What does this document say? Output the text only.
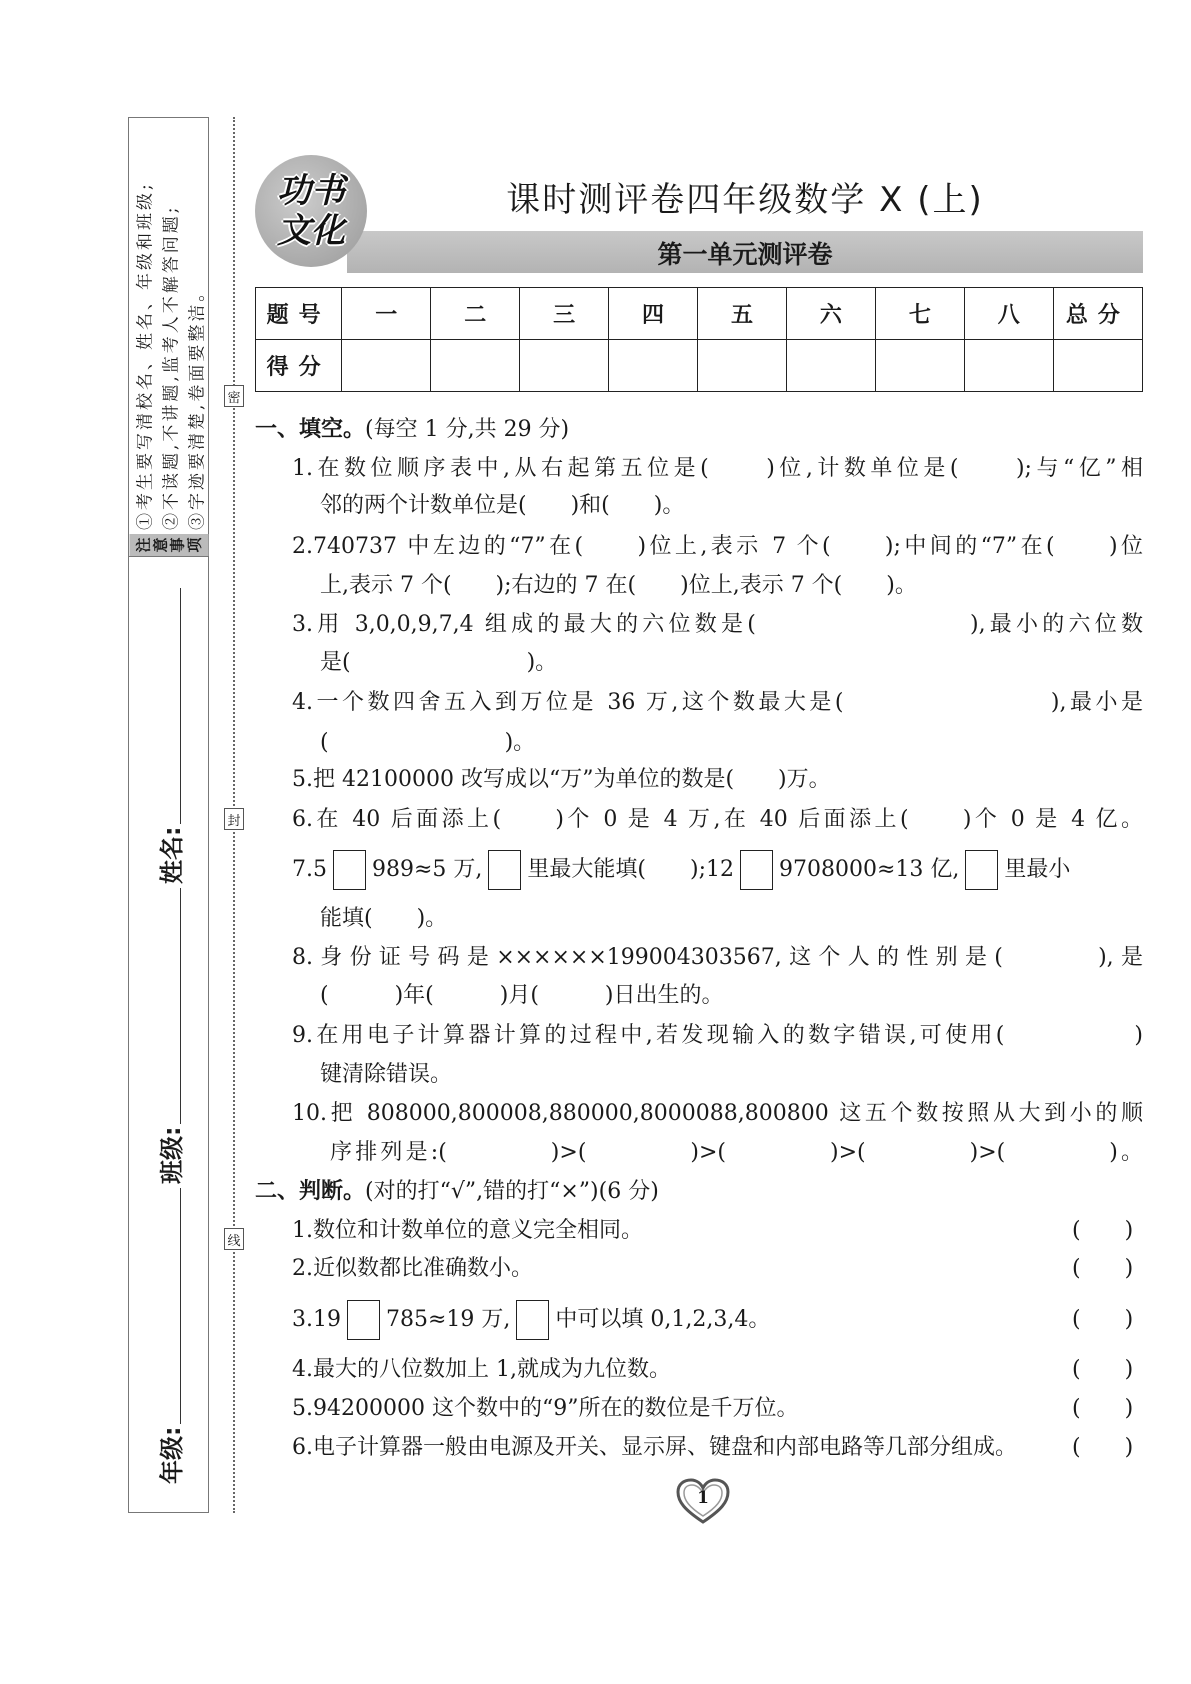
注 意 事 项
①考生要写清校名、姓名、年级和班级; ②不读题,不讲题,监考人不解答问题; ③字迹要清楚,卷面要整洁。
年级:
班级:
姓名:
密
封
线
功书
文化
课时测评卷四年级数学 X (上)
第一单元测评卷
题号	一	二	三	四	五	六	七	八	总分
得分									
一、填空。(每空 1 分,共 29 分)
1.在数位顺序表中,从右起第五位是(　　)位,计数单位是(　　);与“亿”相
邻的两个计数单位是(　　)和(　　)。
2.740737 中左边的“7”在(　　)位上,表示 7 个(　　);中间的“7”在(　　)位
上,表示 7 个(　　);右边的 7 在(　　)位上,表示 7 个(　　)。
3.用 3,0,0,9,7,4 组成的最大的六位数是(　　　　　　　　),最小的六位数
是(　　　　　　　　)。
4.一个数四舍五入到万位是 36 万,这个数最大是(　　　　　　　　),最小是
(　　　　　　　　)。
5.把 42100000 改写成以“万”为单位的数是(　　)万。
6.在 40 后面添上(　　)个 0 是 4 万,在 40 后面添上(　　)个 0 是 4 亿。
7.5 989≈5 万, 里最大能填(　　);12 9708000≈13 亿, 里最小
能填(　　)。
8.身份证号码是××××××199004303567,这个人的性别是(　　　),是
(　　　)年(　　　)月(　　　)日出生的。
9.在用电子计算器计算的过程中,若发现输入的数字错误,可使用(　　　　　)
键清除错误。
10.把 808000,800008,880000,8000088,800800 这五个数按照从大到小的顺
序排列是:(　　　　)>(　　　　)>(　　　　)>(　　　　)>(　　　　)。
二、判断。(对的打“√”,错的打“×”)(6 分)
1.数位和计数单位的意义完全相同。	(　　)
2.近似数都比准确数小。	(　　)
3.19 785≈19 万, 中可以填 0,1,2,3,4。	(　　)
4.最大的八位数加上 1,就成为九位数。	(　　)
5.94200000 这个数中的“9”所在的数位是千万位。	(　　)
6.电子计算器一般由电源及开关、显示屏、键盘和内部电路等几部分组成。	(　　)
1
